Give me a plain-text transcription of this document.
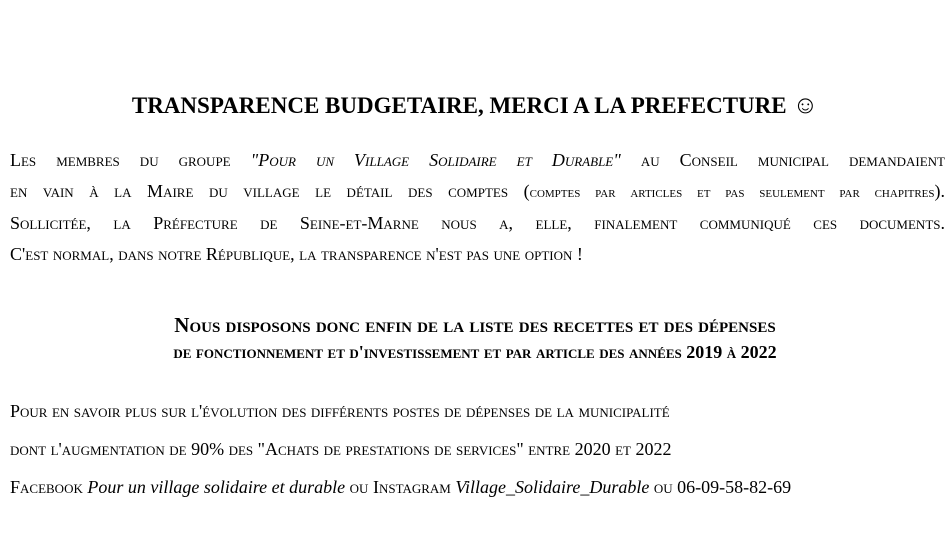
TRANSPARENCE BUDGETAIRE, MERCI A LA PREFECTURE ☺
Les membres du groupe "Pour un Village Solidaire et Durable" au Conseil municipal demandaient
en vain à la Maire du village le détail des comptes (comptes par articles et pas seulement par chapitres).
Sollicitée, la Préfecture de Seine-et-Marne nous a, elle, finalement communiqué ces documents.
C'est normal, dans notre République, la transparence n'est pas une option !
Nous disposons donc enfin de la liste des recettes et des dépenses
de fonctionnement et d'investissement et par article des années 2019 à 2022
Pour en savoir plus sur l'évolution des différents postes de dépenses de la municipalité
dont l'augmentation de 90% des "Achats de prestations de services" entre 2020 et 2022
Facebook Pour un village solidaire et durable ou Instagram Village_Solidaire_Durable ou 06-09-58-82-69
